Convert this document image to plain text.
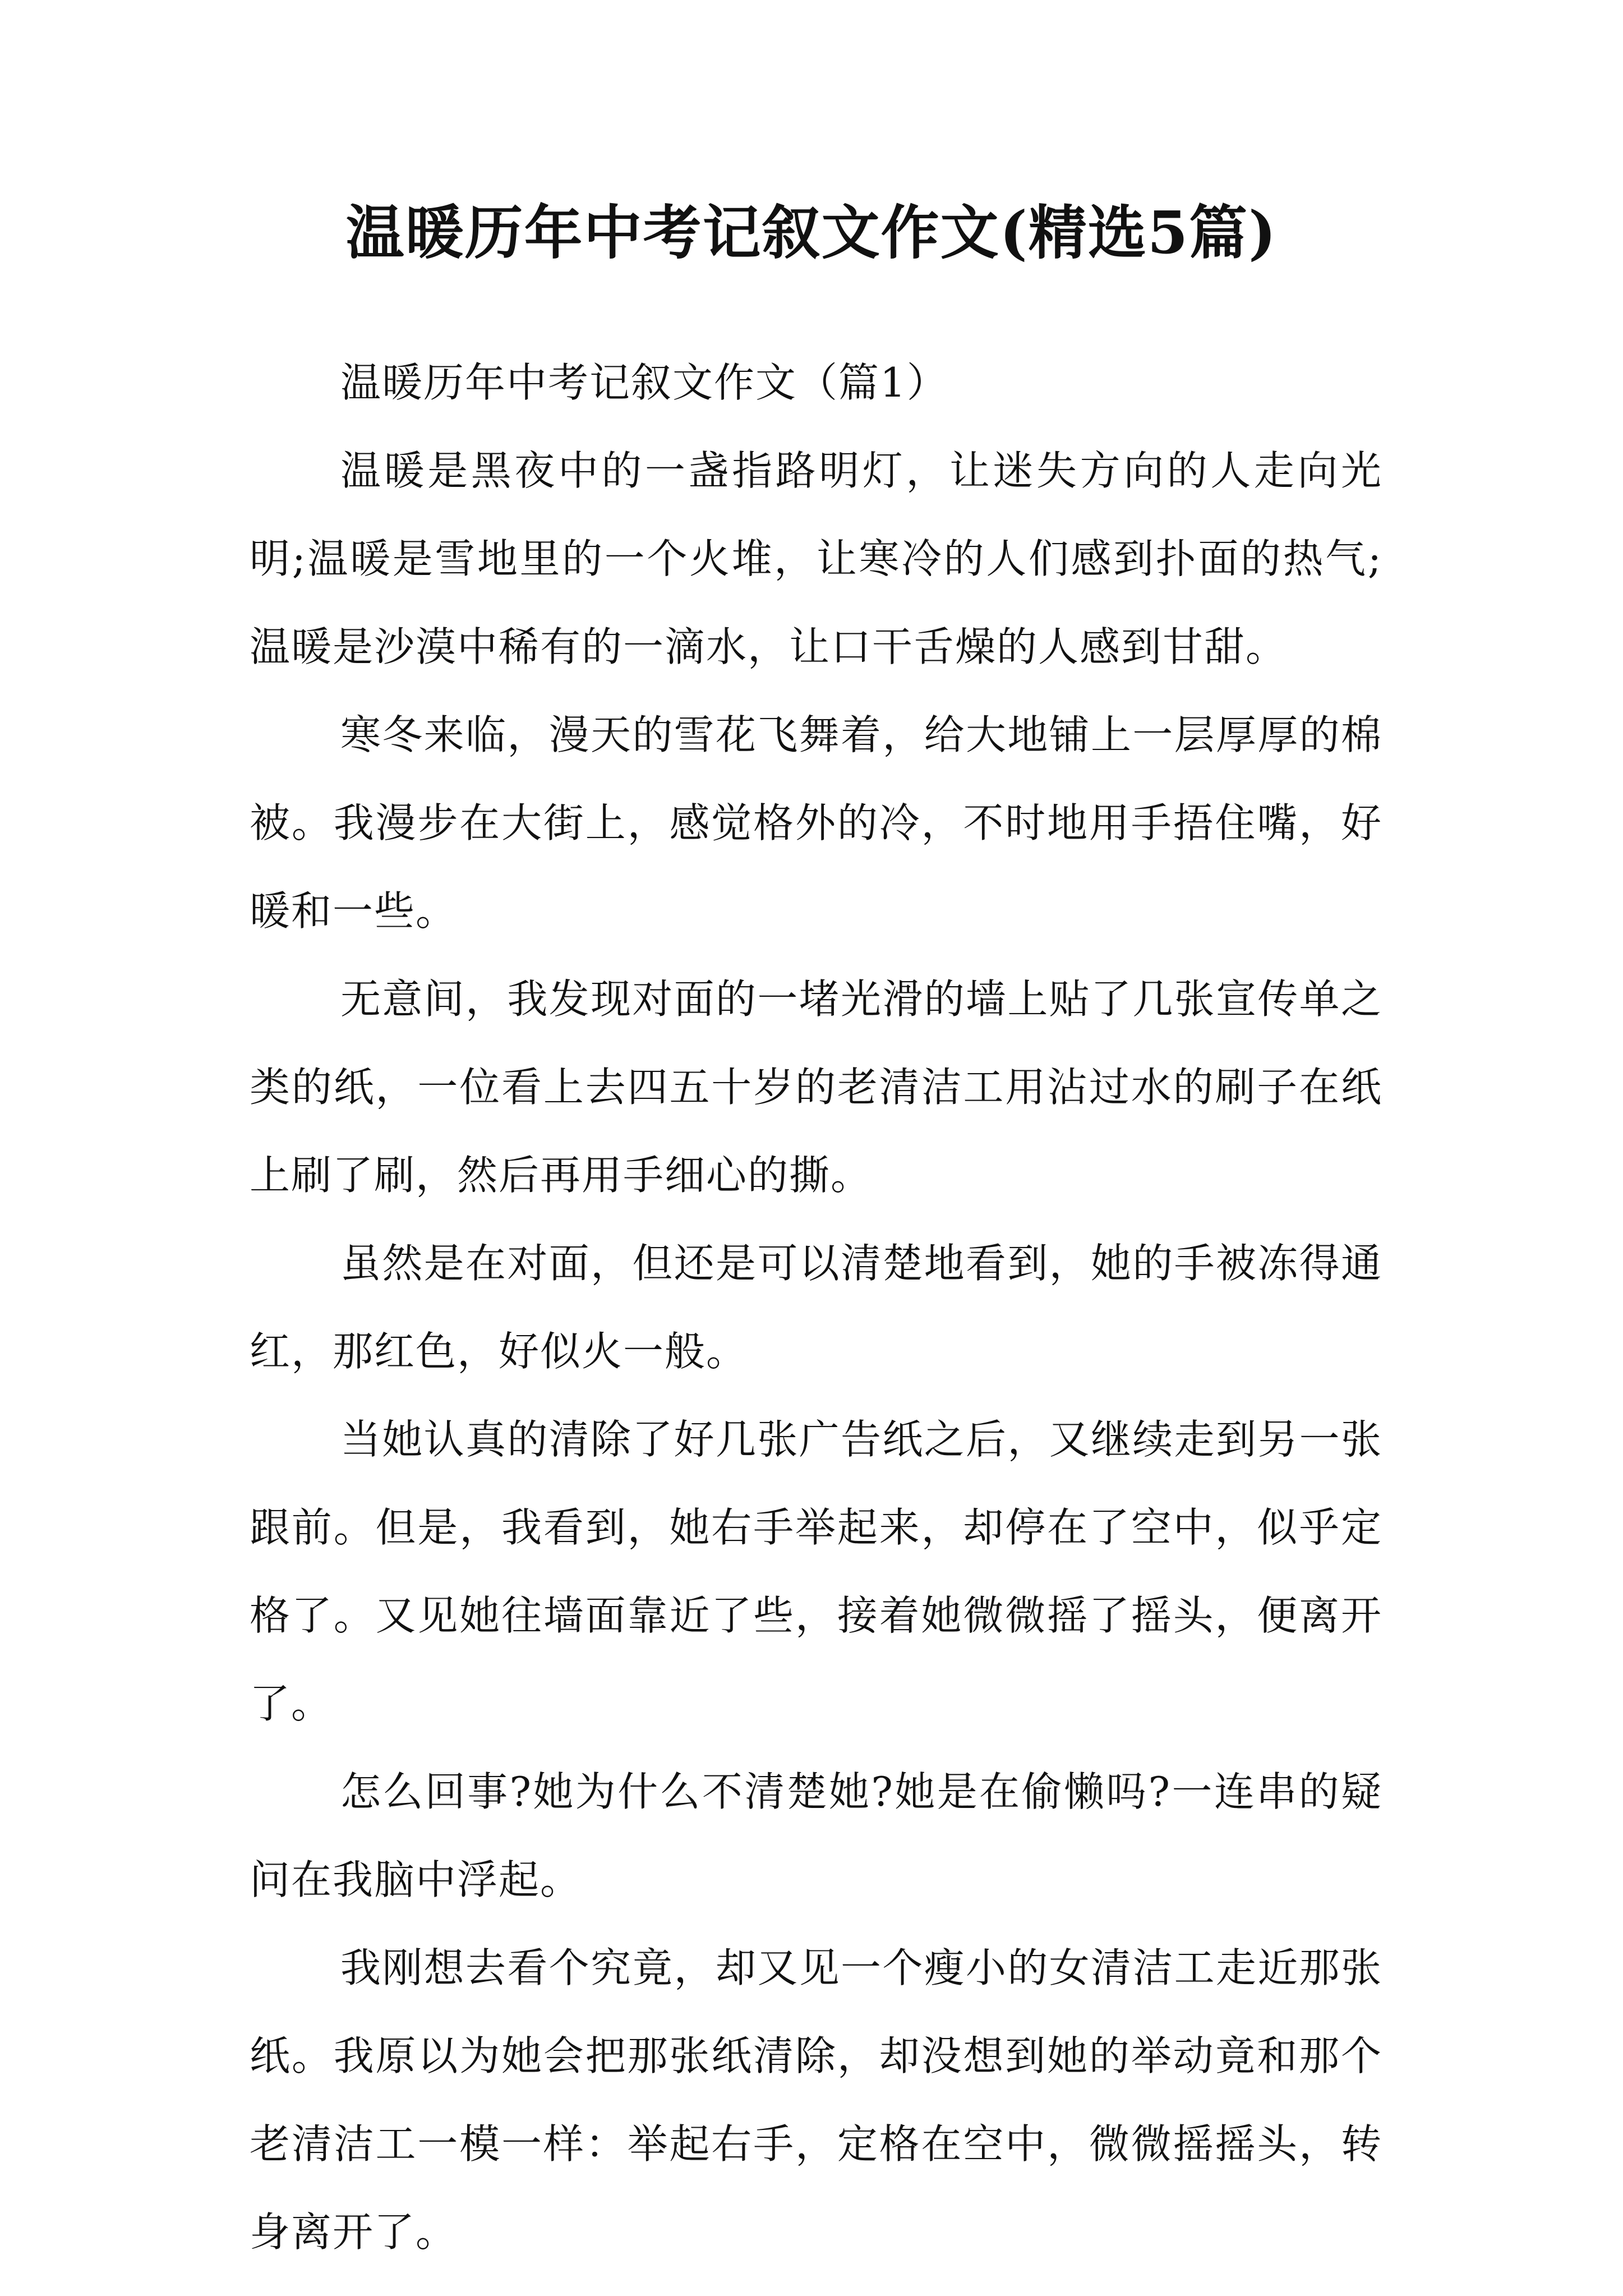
温暖历年中考记叙文作文(精选5篇)

温暖历年中考记叙文作文（篇1）

温暖是黑夜中的一盏指路明灯，让迷失方向的人走向光明;温暖是雪地里的一个火堆，让寒冷的人们感到扑面的热气;温暖是沙漠中稀有的一滴水，让口干舌燥的人感到甘甜。

寒冬来临，漫天的雪花飞舞着，给大地铺上一层厚厚的棉被。我漫步在大街上，感觉格外的冷，不时地用手捂住嘴，好暖和一些。

无意间，我发现对面的一堵光滑的墙上贴了几张宣传单之类的纸，一位看上去四五十岁的老清洁工用沾过水的刷子在纸上刷了刷，然后再用手细心的撕。

虽然是在对面，但还是可以清楚地看到，她的手被冻得通红，那红色，好似火一般。

当她认真的清除了好几张广告纸之后，又继续走到另一张跟前。但是，我看到，她右手举起来，却停在了空中，似乎定格了。又见她往墙面靠近了些，接着她微微摇了摇头，便离开了。

怎么回事?她为什么不清楚她?她是在偷懒吗?一连串的疑问在我脑中浮起。

我刚想去看个究竟，却又见一个瘦小的女清洁工走近那张纸。我原以为她会把那张纸清除，却没想到她的举动竟和那个老清洁工一模一样：举起右手，定格在空中，微微摇摇头，转身离开了。
